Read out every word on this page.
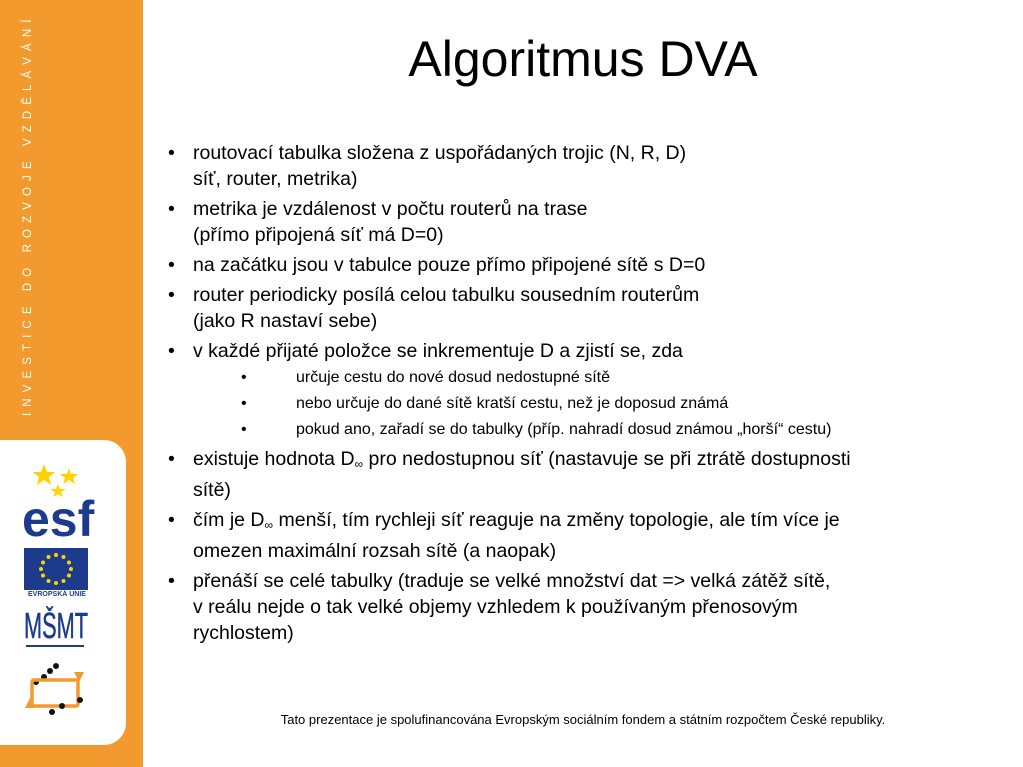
INVESTICE DO ROZVOJE VZDĚLÁVÁNÍ
esf
EVROPSKÁ UNIE
MŠMT
Algoritmus DVA
• routovací tabulka složena z uspořádaných trojic (N, R, D)
síť, router, metrika)
• metrika je vzdálenost v počtu routerů na trase
(přímo připojená síť má D=0)
• na začátku jsou v tabulce pouze přímo připojené sítě s D=0
• router periodicky posílá celou tabulku sousedním routerům
(jako R nastaví sebe)
• v každé přijaté položce se inkrementuje D a zjistí se, zda
• určuje cestu do nové dosud nedostupné sítě
• nebo určuje do dané sítě kratší cestu, než je doposud známá
• pokud ano, zařadí se do tabulky (příp. nahradí dosud známou „horší“ cestu)
• existuje hodnota $D_\infty$ pro nedostupnou síť (nastavuje se při ztrátě dostupnosti
sítě)
• čím je $D_\infty$ menší, tím rychleji síť reaguje na změny topologie, ale tím více je
omezen maximální rozsah sítě (a naopak)
• přenáší se celé tabulky (traduje se velké množství dat => velká zátěž sítě,
v reálu nejde o tak velké objemy vzhledem k používaným přenosovým
rychlostem)
Tato prezentace je spolufinancována Evropským sociálním fondem a státním rozpočtem České republiky.
